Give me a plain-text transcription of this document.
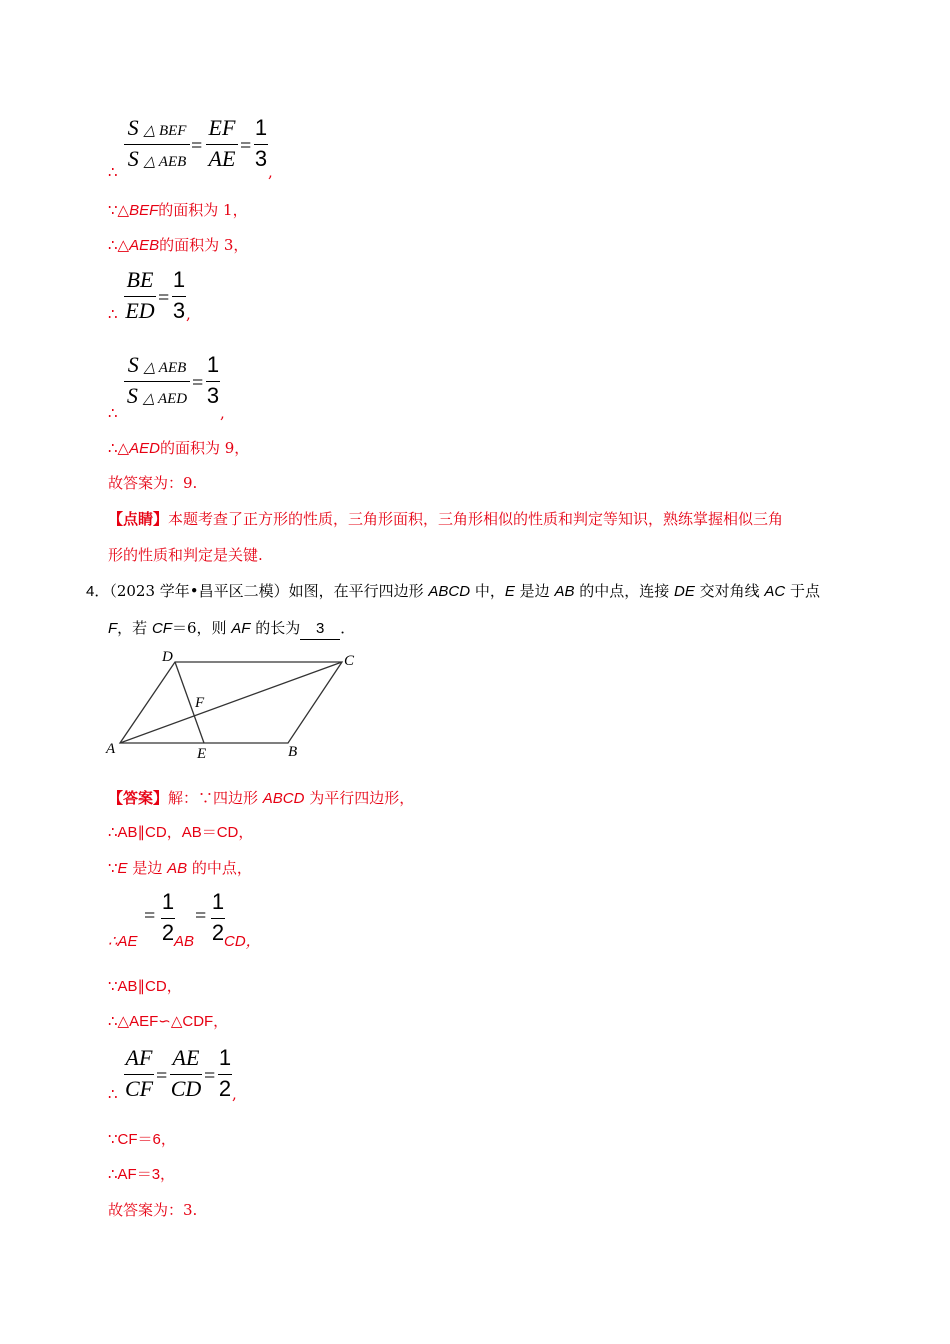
S △ BEF
S △ AEB
=
EF
AE =
1
3
∴	,
∵△BEF的面积为 1，
∴△AEB的面积为 3，
BE
ED =
1
3
∴	,
S △ AEB
S △ AED
=
1
3
∴	,
∴△AED的面积为 9，
故答案为：9.
【点睛】本题考查了正方形的性质，三角形面积，三角形相似的性质和判定等知识，熟练掌握相似三角
形的性质和判定是关键.
4．（2023 学年•昌平区二模）如图，在平行四边形 ABCD 中，E 是边 AB 的中点，连接 DE 交对角线 AC 于点
F，若 CF＝6，则 AF 的长为 3 ．
A	B
C
D
E
F
【答案】解：∵四边形 ABCD 为平行四边形，
∴AB∥CD，AB＝CD，
∵E 是边 AB 的中点，
∴AE
=
1
2 AB
=
1
2 CD，
∵AB∥CD，
∴△AEF∽△CDF，
AF
CF =
AE
CD =
1
2
∴	,
∵CF＝6，
∴AF＝3，
故答案为：3.
